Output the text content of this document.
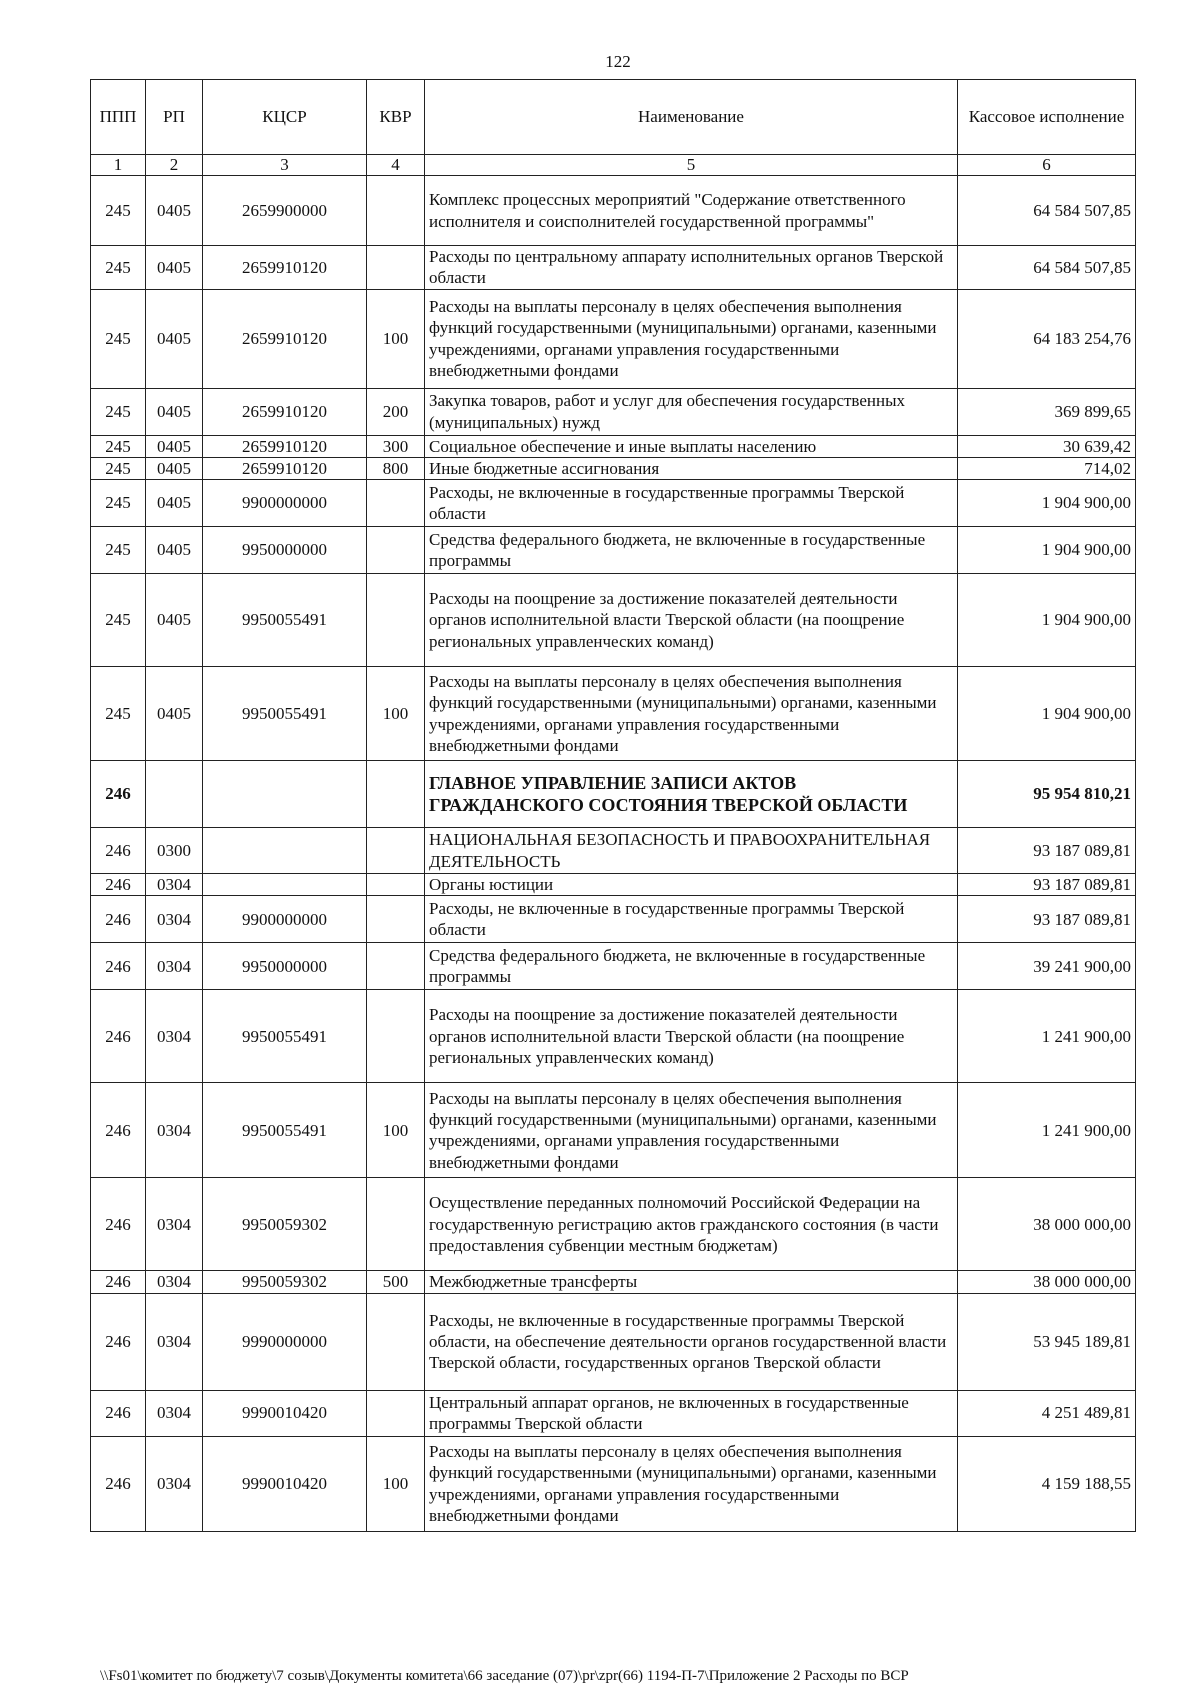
122
ППП	РП	КЦСР	КВР	Наименование	Кассовое исполнение
1	2	3	4	5	6
245	0405	2659900000		Комплекс процессных мероприятий "Содержание ответственного исполнителя и соисполнителей государственной программы"	64 584 507,85
245	0405	2659910120		Расходы по центральному аппарату исполнительных органов Тверской области	64 584 507,85
245	0405	2659910120	100	Расходы на выплаты персоналу в целях обеспечения выполнения функций государственными (муниципальными) органами, казенными учреждениями, органами управления государственными внебюджетными фондами	64 183 254,76
245	0405	2659910120	200	Закупка товаров, работ и услуг для обеспечения государственных (муниципальных) нужд	369 899,65
245	0405	2659910120	300	Социальное обеспечение и иные выплаты населению	30 639,42
245	0405	2659910120	800	Иные бюджетные ассигнования	714,02
245	0405	9900000000		Расходы, не включенные в государственные программы Тверской области	1 904 900,00
245	0405	9950000000		Средства федерального бюджета, не включенные в государственные программы	1 904 900,00
245	0405	9950055491		Расходы на поощрение за достижение показателей деятельности органов исполнительной власти Тверской области (на поощрение региональных управленческих команд)	1 904 900,00
245	0405	9950055491	100	Расходы на выплаты персоналу в целях обеспечения выполнения функций государственными (муниципальными) органами, казенными учреждениями, органами управления государственными внебюджетными фондами	1 904 900,00
246				ГЛАВНОЕ УПРАВЛЕНИЕ ЗАПИСИ АКТОВ ГРАЖДАНСКОГО СОСТОЯНИЯ ТВЕРСКОЙ ОБЛАСТИ	95 954 810,21
246	0300			НАЦИОНАЛЬНАЯ БЕЗОПАСНОСТЬ И ПРАВООХРАНИТЕЛЬНАЯ ДЕЯТЕЛЬНОСТЬ	93 187 089,81
246	0304			Органы юстиции	93 187 089,81
246	0304	9900000000		Расходы, не включенные в государственные программы Тверской области	93 187 089,81
246	0304	9950000000		Средства федерального бюджета, не включенные в государственные программы	39 241 900,00
246	0304	9950055491		Расходы на поощрение за достижение показателей деятельности органов исполнительной власти Тверской области (на поощрение региональных управленческих команд)	1 241 900,00
246	0304	9950055491	100	Расходы на выплаты персоналу в целях обеспечения выполнения функций государственными (муниципальными) органами, казенными учреждениями, органами управления государственными внебюджетными фондами	1 241 900,00
246	0304	9950059302		Осуществление переданных полномочий Российской Федерации на государственную регистрацию актов гражданского состояния (в части предоставления субвенции местным бюджетам)	38 000 000,00
246	0304	9950059302	500	Межбюджетные трансферты	38 000 000,00
246	0304	9990000000		Расходы, не включенные в государственные программы Тверской области, на обеспечение деятельности органов государственной власти Тверской области, государственных органов Тверской области	53 945 189,81
246	0304	9990010420		Центральный аппарат органов, не включенных в государственные программы Тверской области	4 251 489,81
246	0304	9990010420	100	Расходы на выплаты персоналу в целях обеспечения выполнения функций государственными (муниципальными) органами, казенными учреждениями, органами управления государственными внебюджетными фондами	4 159 188,55
\\Fs01\комитет по бюджету\7 созыв\Документы комитета\66 заседание (07)\pr\zpr(66) 1194-П-7\Приложение 2 Расходы по ВСР
